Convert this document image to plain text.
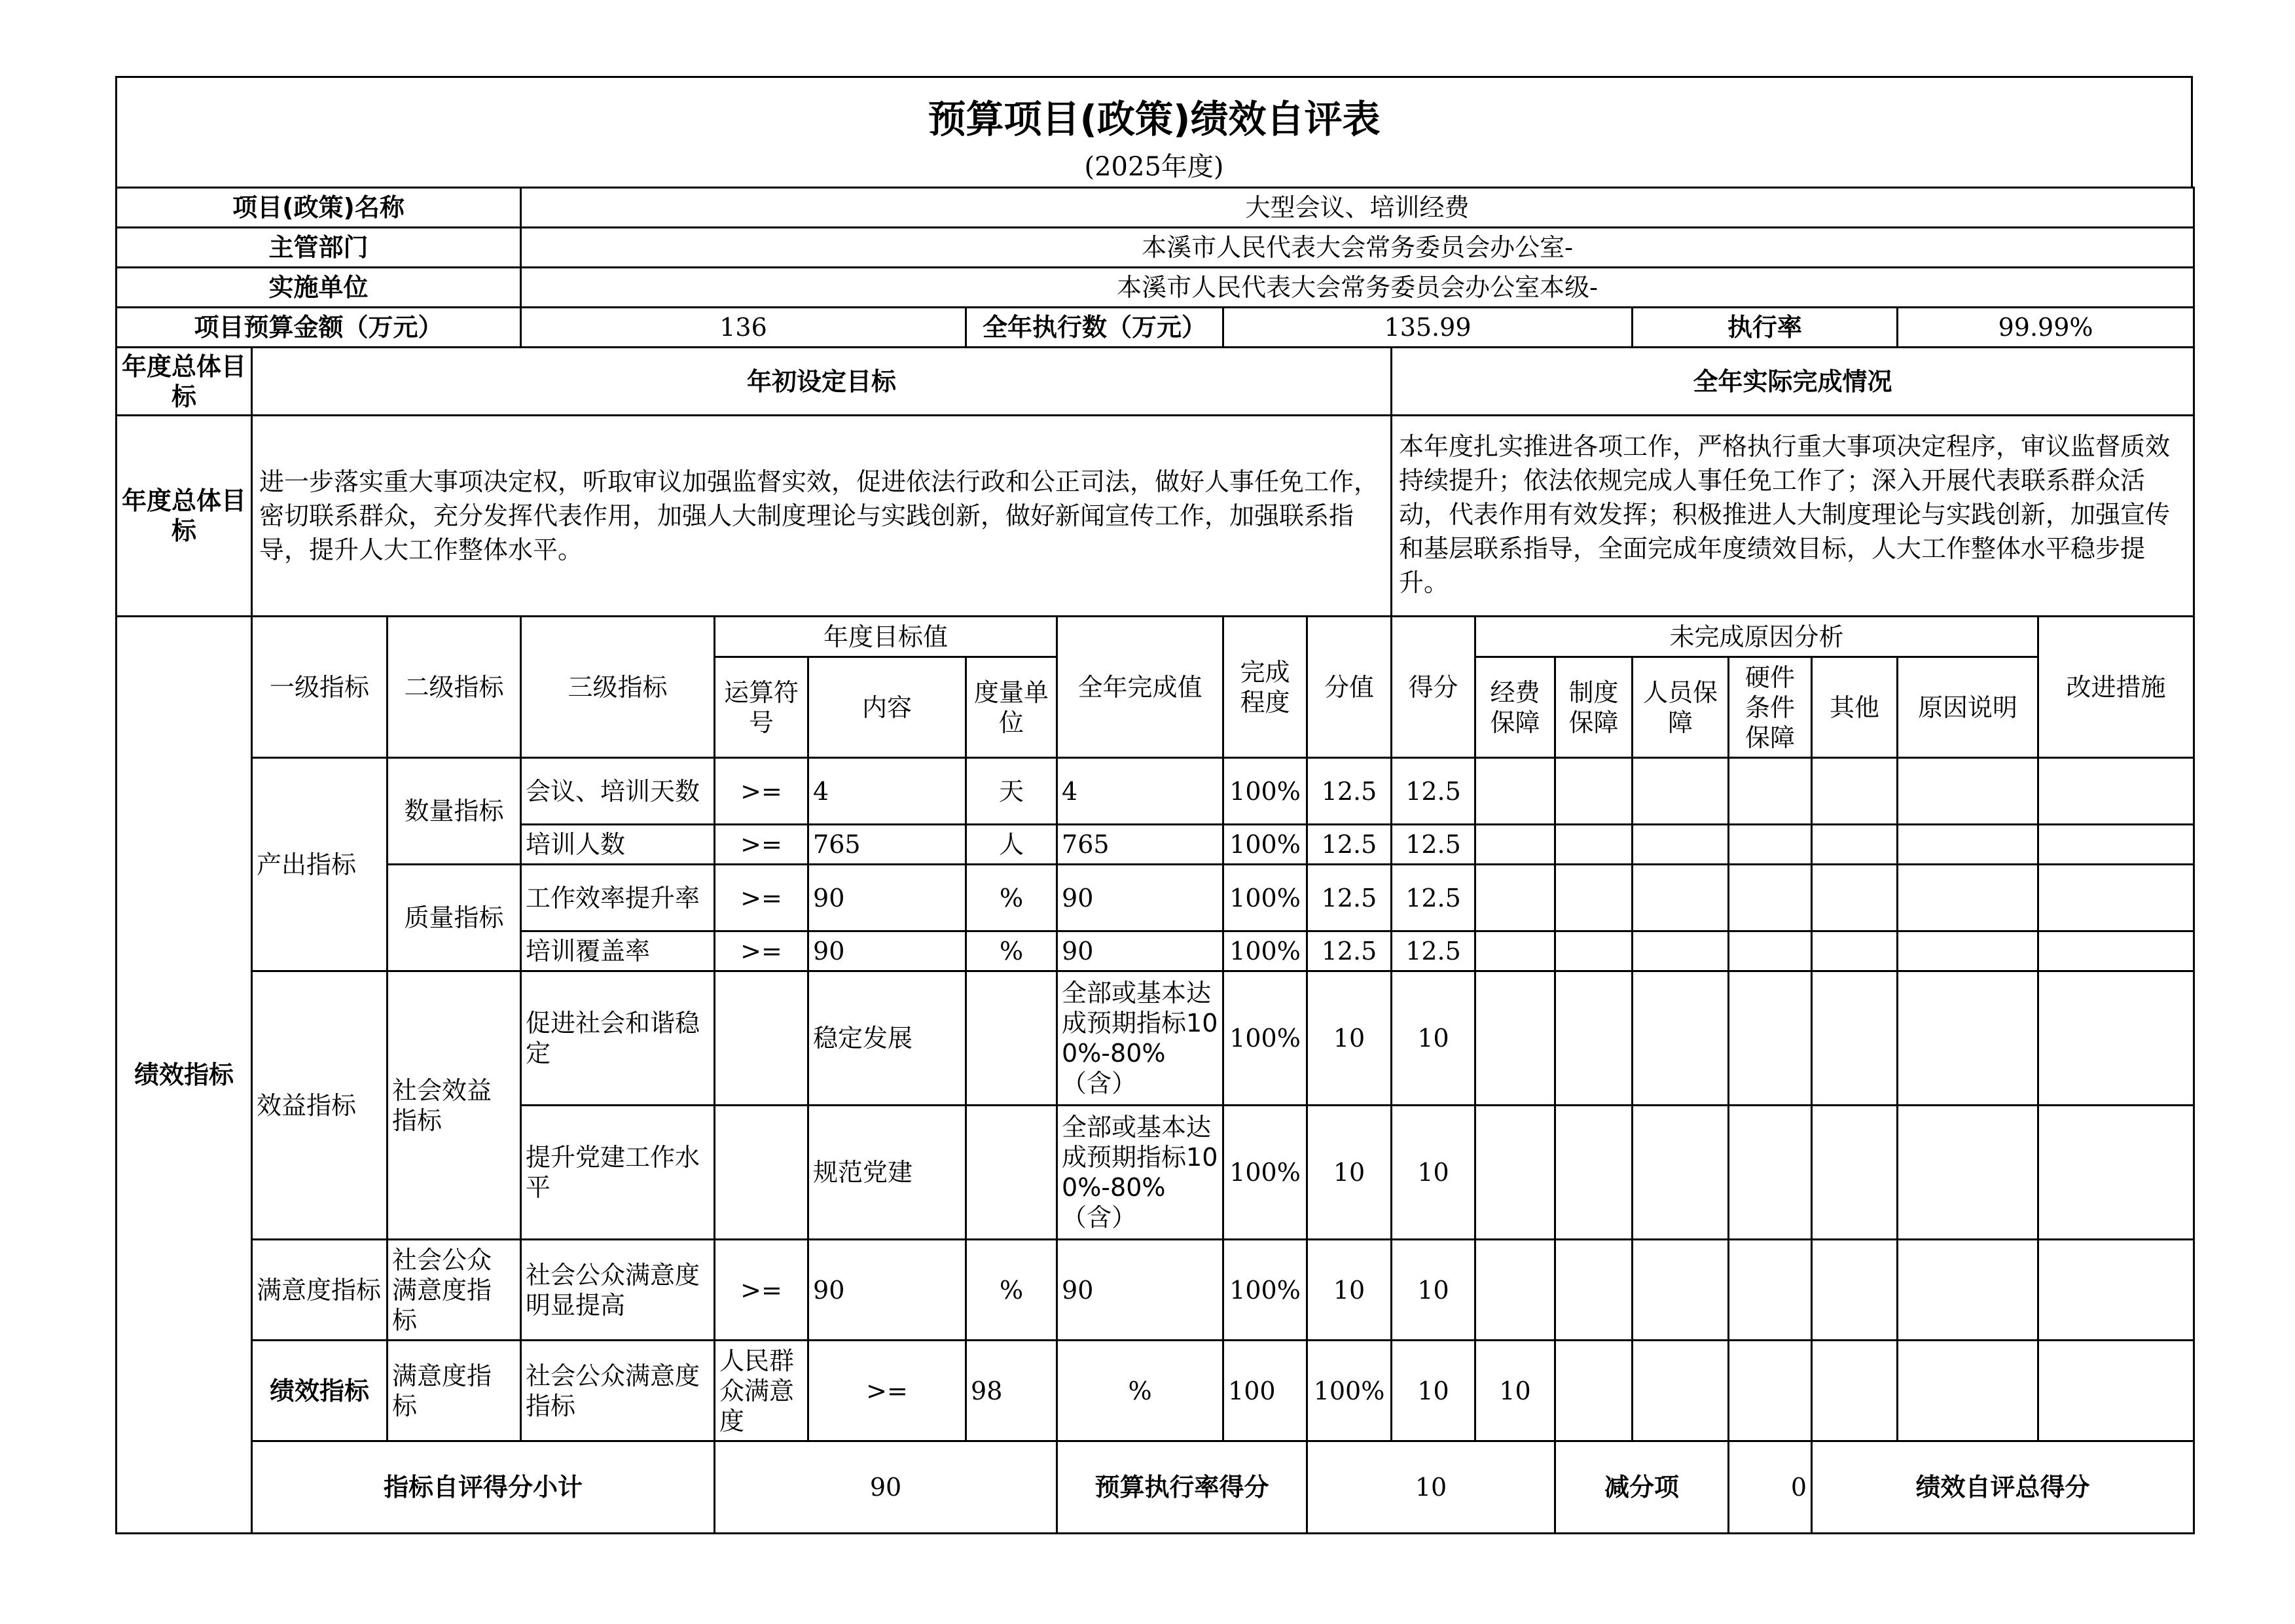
预算项目(政策)绩效自评表
(2025年度)
项目(政策)名称			大型会议、培训经费															
主管部门			本溪市人民代表大会常务委员会办公室-															
实施单位			本溪市人民代表大会常务委员会办公室本级-															
项目预算金额（万元）			136			全年执行数（万元）		135.99					执行率			99.99%		
年度总体目标	年初设定目标									全年实际完成情况								
年度总体目标	进一步落实重大事项决定权，听取审议加强监督实效，促进依法行政和公正司法，做好人事任免工作，密切联系群众，充分发挥代表作用，加强人大制度理论与实践创新，做好新闻宣传工作，加强联系指导，提升人大工作整体水平。									本年度扎实推进各项工作，严格执行重大事项决定程序，审议监督质效持续提升；依法依规完成人事任免工作了；深入开展代表联系群众活动，代表作用有效发挥；积极推进人大制度理论与实践创新，加强宣传和基层联系指导，全面完成年度绩效目标，人大工作整体水平稳步提升。								
绩效指标	一级指标	二级指标	三级指标	年度目标值			全年完成值	完成程度	分值	得分	未完成原因分析						改进措施	
				运算符号	内容	度量单位					经费保障	制度保障	人员保障	硬件条件保障	其他	原因说明		
	产出指标	数量指标	会议、培训天数	>=	4	天	4	100%	12.5	12.5								
			培训人数	>=	765	人	765	100%	12.5	12.5								
		质量指标	工作效率提升率	>=	90	%	90	100%	12.5	12.5								
			培训覆盖率	>=	90	%	90	100%	12.5	12.5								
	效益指标	社会效益指标	促进社会和谐稳定		稳定发展		全部或基本达成预期指标100%-80%（含）	100%	10	10								
			提升党建工作水平		规范党建		全部或基本达成预期指标100%-80%（含）	100%	10	10								
	满意度指标	社会公众满意度指标	社会公众满意度明显提高	>=	90	%	90	100%	10	10								
	绩效指标	满意度指标	社会公众满意度指标	人民群众满意度	>=	98	%	100	100%	10	10							
	指标自评得分小计			90			预算执行率得分		10			减分项		0	绩效自评总得分	
